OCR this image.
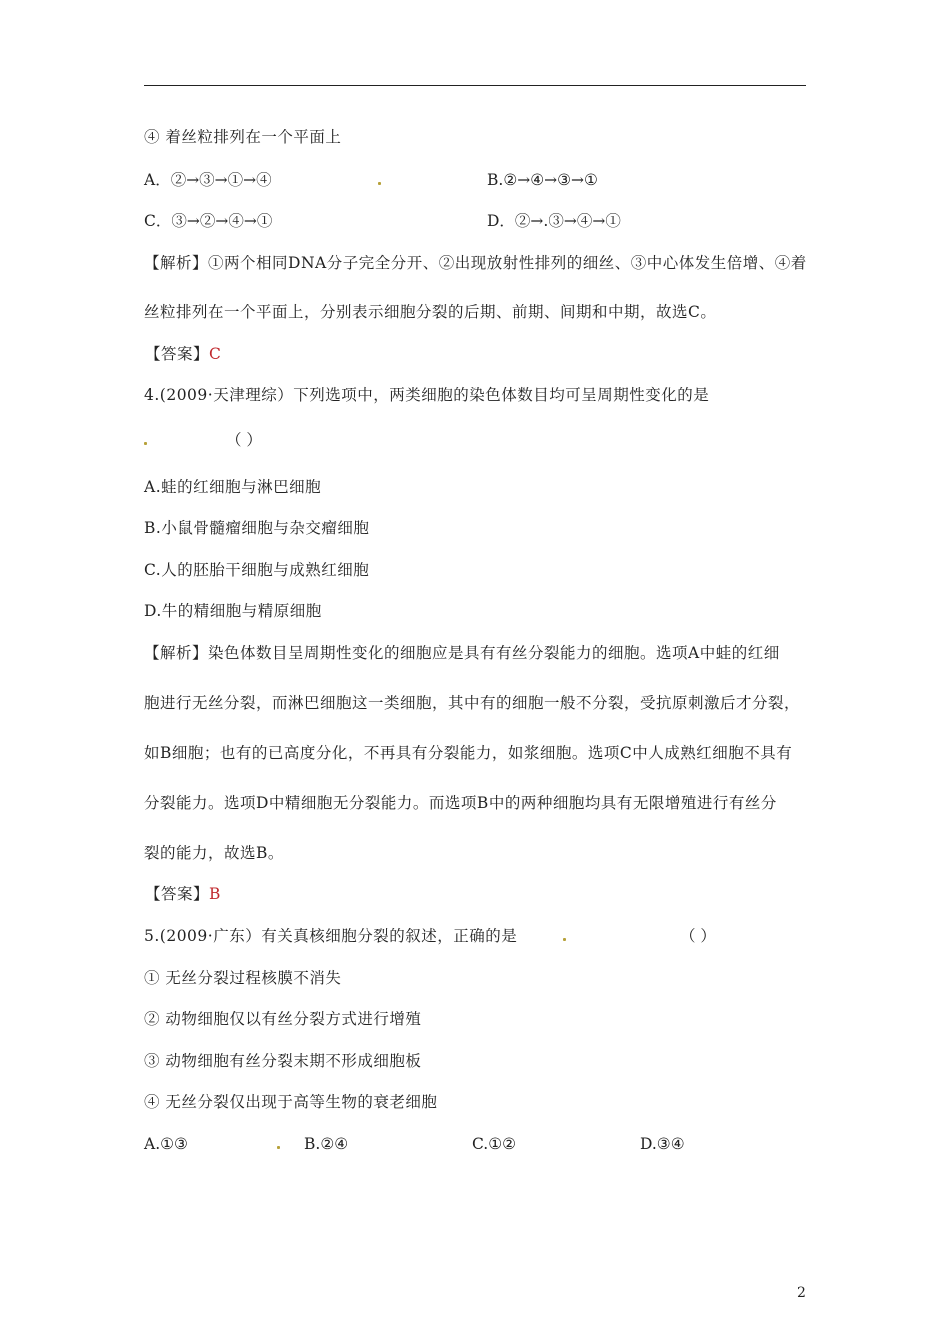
④ 着丝粒排列在一个平面上
A．②→③→①→④	B.②→④→③→①
C．③→②→④→①	D．②→.③→④→①
【解析】①两个相同DNA分子完全分开、②出现放射性排列的细丝、③中心体发生倍增、④着
丝粒排列在一个平面上，分别表示细胞分裂的后期、前期、间期和中期，故选C。
【答案】C
4.(2009·天津理综）下列选项中，两类细胞的染色体数目均可呈周期性变化的是
（ ）
A.蛙的红细胞与淋巴细胞
B.小鼠骨髓瘤细胞与杂交瘤细胞
C.人的胚胎干细胞与成熟红细胞
D.牛的精细胞与精原细胞
【解析】染色体数目呈周期性变化的细胞应是具有有丝分裂能力的细胞。选项A中蛙的红细
胞进行无丝分裂，而淋巴细胞这一类细胞，其中有的细胞一般不分裂，受抗原刺激后才分裂，
如B细胞；也有的已高度分化，不再具有分裂能力，如浆细胞。选项C中人成熟红细胞不具有
分裂能力。选项D中精细胞无分裂能力。而选项B中的两种细胞均具有无限增殖进行有丝分
裂的能力，故选B。
【答案】B
5.(2009·广东）有关真核细胞分裂的叙述，正确的是	（ ）
① 无丝分裂过程核膜不消失
② 动物细胞仅以有丝分裂方式进行增殖
③ 动物细胞有丝分裂末期不形成细胞板
④ 无丝分裂仅出现于高等生物的衰老细胞
A.①③	B.②④	C.①②	D.③④
2
